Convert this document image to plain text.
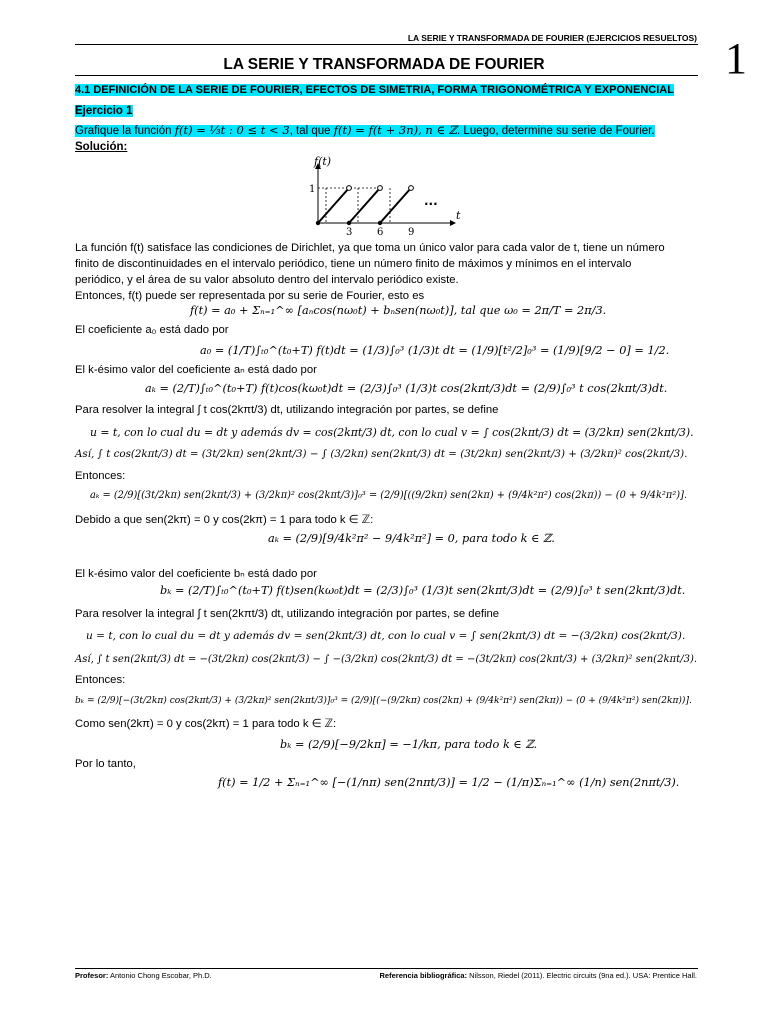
LA SERIE Y TRANSFORMADA DE FOURIER (EJERCICIOS RESUELTOS) 1
LA SERIE Y TRANSFORMADA DE FOURIER
4.1 DEFINICIÓN DE LA SERIE DE FOURIER, EFECTOS DE SIMETRIA, FORMA TRIGONOMÉTRICA Y EXPONENCIAL
Ejercicio 1
Grafique la función f(t) = ⅓t : 0 ≤ t < 3, tal que f(t) = f(t + 3n), n ∈ ℤ. Luego, determine su serie de Fourier.
Solución:
f(t)
t
1
3 6 9
···
La función f(t) satisface las condiciones de Dirichlet, ya que toma un único valor para cada valor de t, tiene un número
finito de discontinuidades en el intervalo periódico, tiene un número finito de máximos y mínimos en el intervalo
periódico, y el área de su valor absoluto dentro del intervalo periódico existe.
Entonces, f(t) puede ser representada por su serie de Fourier, esto es
f(t) = a₀ + Σₙ₌₁^∞ [aₙcos(nω₀t) + bₙsen(nω₀t)], tal que ω₀ = 2π/T = 2π/3.
El coeficiente a₀ está dado por
a₀ = (1/T)∫ₜ₀^(t₀+T) f(t)dt = (1/3)∫₀³ (1/3)t dt = (1/9)[t²/2]₀³ = (1/9)[9/2 − 0] = 1/2.
El k-ésimo valor del coeficiente aₙ está dado por
aₖ = (2/T)∫ₜ₀^(t₀+T) f(t)cos(kω₀t)dt = (2/3)∫₀³ (1/3)t cos(2kπt/3)dt = (2/9)∫₀³ t cos(2kπt/3)dt.
Para resolver la integral ∫ t cos(2kπt/3) dt, utilizando integración por partes, se define
u = t, con lo cual du = dt y además dv = cos(2kπt/3) dt, con lo cual v = ∫ cos(2kπt/3) dt = (3/2kπ) sen(2kπt/3).
Así, ∫ t cos(2kπt/3) dt = (3t/2kπ) sen(2kπt/3) − ∫ (3/2kπ) sen(2kπt/3) dt = (3t/2kπ) sen(2kπt/3) + (3/2kπ)² cos(2kπt/3).
Entonces:
aₖ = (2/9)[(3t/2kπ) sen(2kπt/3) + (3/2kπ)² cos(2kπt/3)]₀³ = (2/9)[((9/2kπ) sen(2kπ) + (9/4k²π²) cos(2kπ)) − (0 + 9/4k²π²)].
Debido a que sen(2kπ) = 0 y cos(2kπ) = 1 para todo k ∈ ℤ:
aₖ = (2/9)[9/4k²π² − 9/4k²π²] = 0, para todo k ∈ ℤ.
El k-ésimo valor del coeficiente bₙ está dado por
bₖ = (2/T)∫ₜ₀^(t₀+T) f(t)sen(kω₀t)dt = (2/3)∫₀³ (1/3)t sen(2kπt/3)dt = (2/9)∫₀³ t sen(2kπt/3)dt.
Para resolver la integral ∫ t sen(2kπt/3) dt, utilizando integración por partes, se define
u = t, con lo cual du = dt y además dv = sen(2kπt/3) dt, con lo cual v = ∫ sen(2kπt/3) dt = −(3/2kπ) cos(2kπt/3).
Así, ∫ t sen(2kπt/3) dt = −(3t/2kπ) cos(2kπt/3) − ∫ −(3/2kπ) cos(2kπt/3) dt = −(3t/2kπ) cos(2kπt/3) + (3/2kπ)² sen(2kπt/3).
Entonces:
bₖ = (2/9)[−(3t/2kπ) cos(2kπt/3) + (3/2kπ)² sen(2kπt/3)]₀³ = (2/9)[(−(9/2kπ) cos(2kπ) + (9/4k²π²) sen(2kπ)) − (0 + (9/4k²π²) sen(2kπ))].
Como sen(2kπ) = 0 y cos(2kπ) = 1 para todo k ∈ ℤ:
bₖ = (2/9)[−9/2kπ] = −1/kπ, para todo k ∈ ℤ.
Por lo tanto,
f(t) = 1/2 + Σₙ₌₁^∞ [−(1/nπ) sen(2nπt/3)] = 1/2 − (1/π)Σₙ₌₁^∞ (1/n) sen(2nπt/3).
Profesor: Antonio Chong Escobar, Ph.D.	Referencia bibliográfica: Nilsson, Riedel (2011). Electric circuits (9na ed.). USA: Prentice Hall.
